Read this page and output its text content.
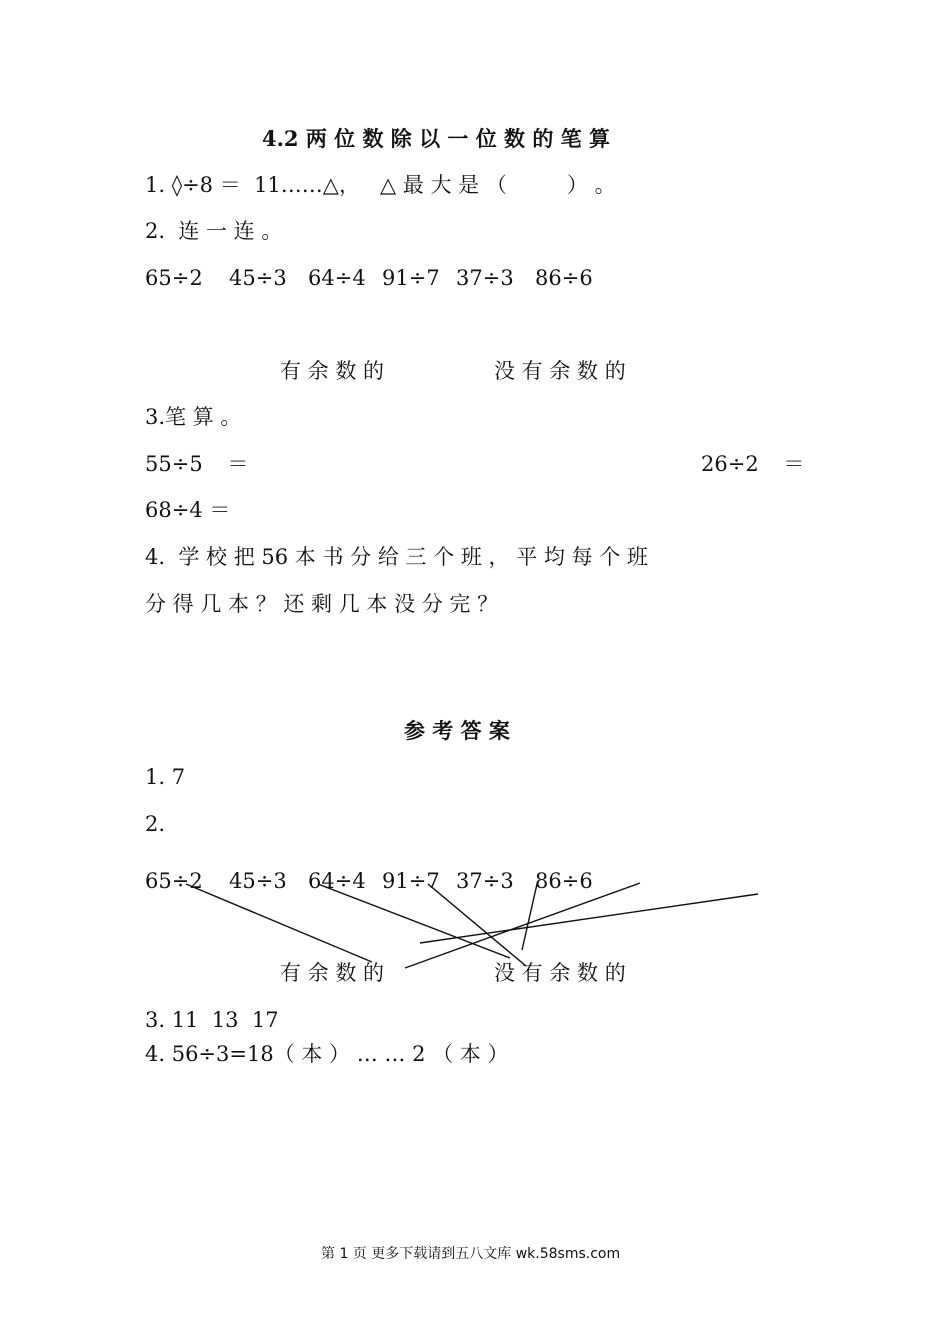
4.2 两 位 数 除 以 一 位 数 的 笔 算
1. ◊÷8 ＝  11……△，   △ 最 大 是 （         ） 。
2.  连 一 连 。
65÷2 45÷3 64÷4 91÷7 37÷3 86÷6
有 余 数 的	没 有 余 数 的
3.笔 算 。
55÷5 ＝	26÷2 ＝
68÷4 ＝
4.  学 校 把 56 本 书 分 给 三 个 班 ， 平 均 每 个 班
分 得 几 本 ？ 还 剩 几 本 没 分 完 ？
参 考 答 案
1. 7
2.
65÷2 45÷3 64÷4 91÷7 37÷3 86÷6
有 余 数 的	没 有 余 数 的
3. 11  13  17
4. 56÷3=18（ 本 ） … … 2 （ 本 ）
第 1 页 更多下载请到五八文库 wk.58sms.com
